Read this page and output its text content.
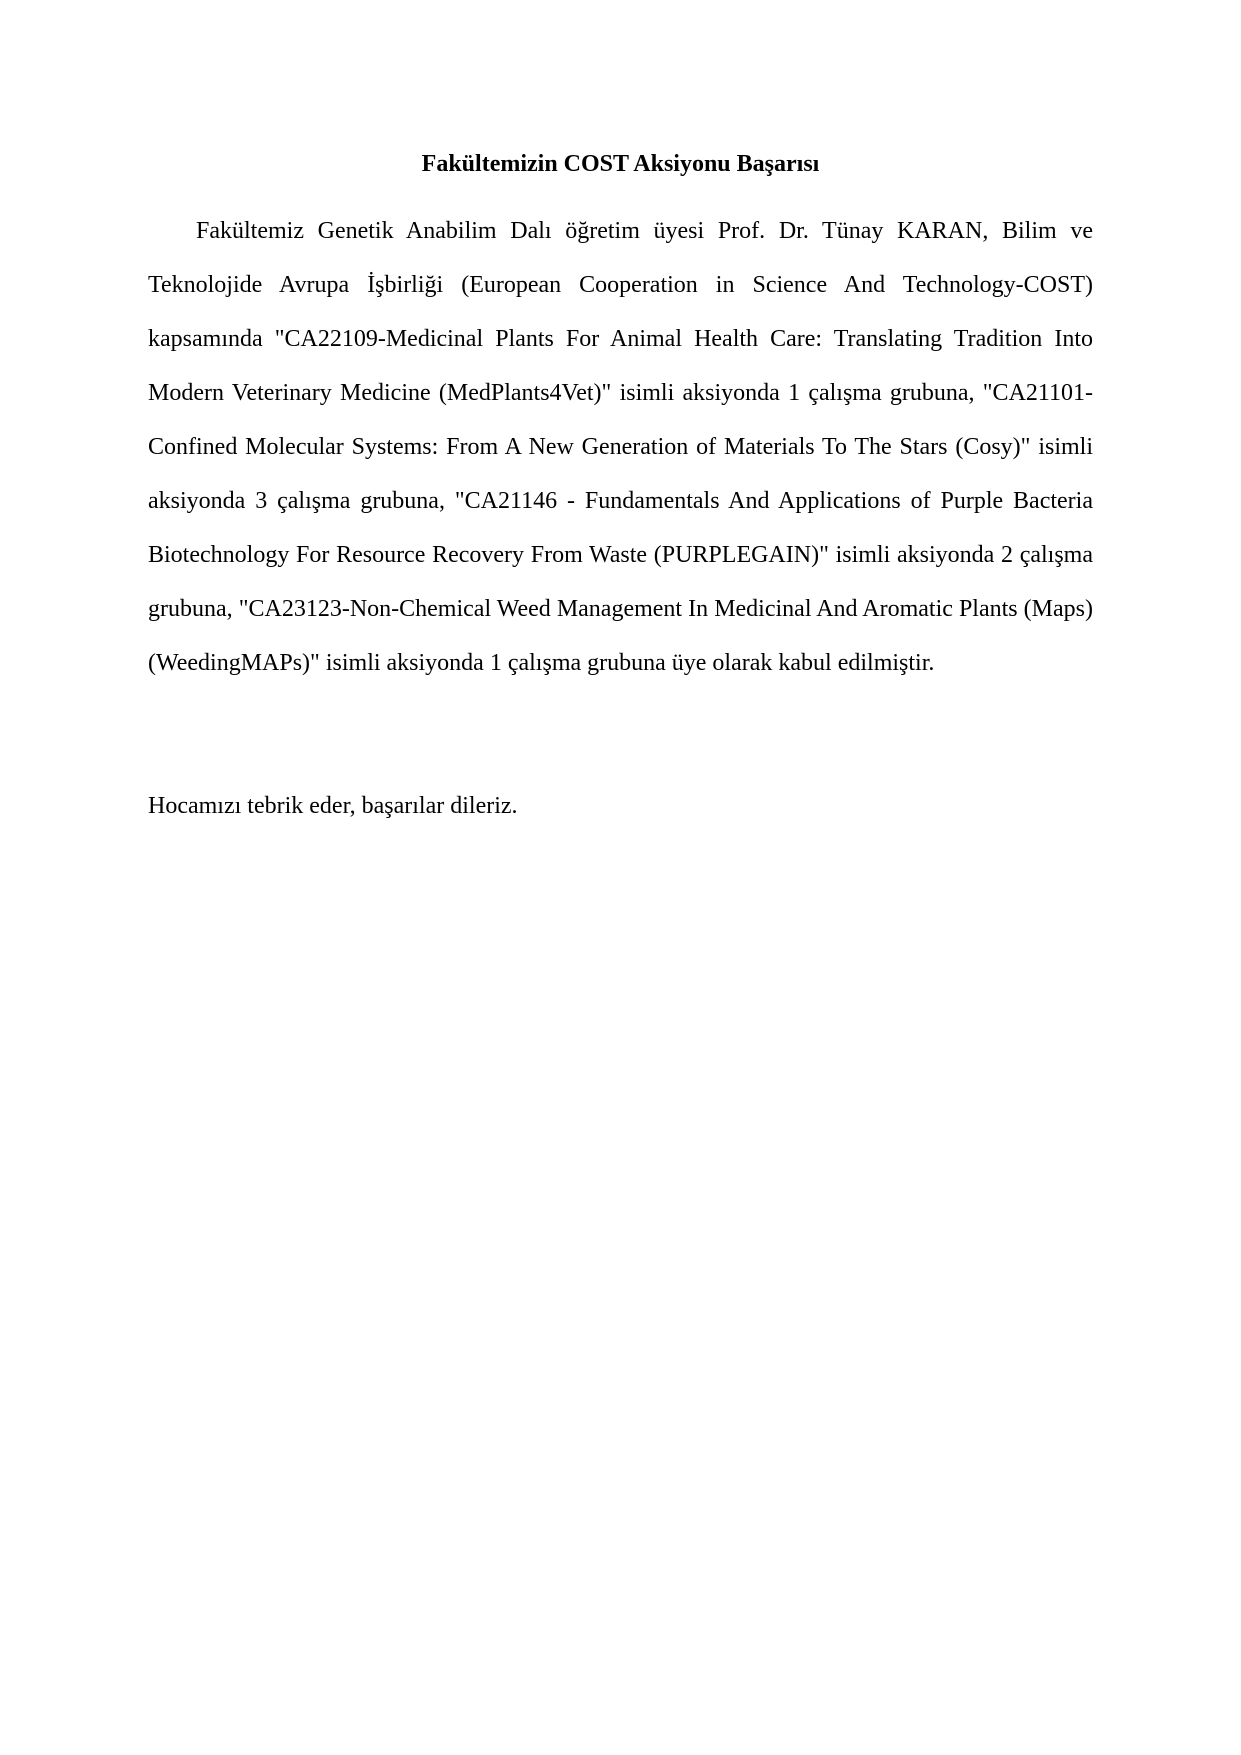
Fakültemizin COST Aksiyonu Başarısı

Fakültemiz Genetik Anabilim Dalı öğretim üyesi Prof. Dr. Tünay KARAN, Bilim ve Teknolojide Avrupa İşbirliği (European Cooperation in Science And Technology-COST) kapsamında "CA22109-Medicinal Plants For Animal Health Care: Translating Tradition Into Modern Veterinary Medicine (MedPlants4Vet)" isimli aksiyonda 1 çalışma grubuna, "CA21101-Confined Molecular Systems: From A New Generation of Materials To The Stars (Cosy)" isimli aksiyonda 3 çalışma grubuna, "CA21146 - Fundamentals And Applications of Purple Bacteria Biotechnology For Resource Recovery From Waste (PURPLEGAIN)" isimli aksiyonda 2 çalışma grubuna, "CA23123-Non-Chemical Weed Management In Medicinal And Aromatic Plants (Maps) (WeedingMAPs)" isimli aksiyonda 1 çalışma grubuna üye olarak kabul edilmiştir.

Hocamızı tebrik eder, başarılar dileriz.
